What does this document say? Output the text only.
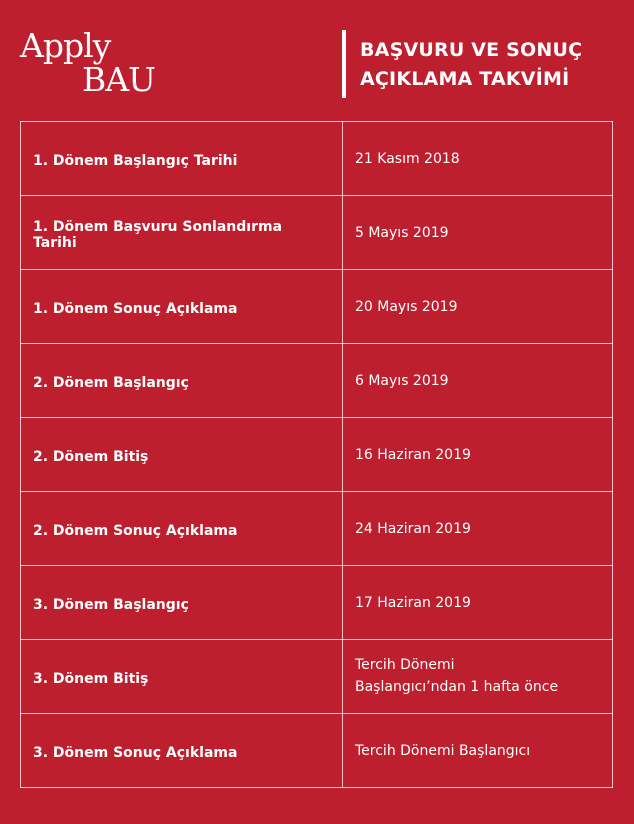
Apply
BAU
BAŞVURU VE SONUÇ
AÇIKLAMA TAKVİMİ
1. Dönem Başlangıç Tarihi	21 Kasım 2018
1. Dönem Başvuru Sonlandırma Tarihi	5 Mayıs 2019
1. Dönem Sonuç Açıklama	20 Mayıs 2019
2. Dönem Başlangıç	6 Mayıs 2019
2. Dönem Bitiş	16 Haziran 2019
2. Dönem Sonuç Açıklama	24 Haziran 2019
3. Dönem Başlangıç	17 Haziran 2019
3. Dönem Bitiş	Tercih Dönemi
Başlangıcı’ndan 1 hafta önce

3. Dönem Sonuç Açıklama	Tercih Dönemi Başlangıcı
